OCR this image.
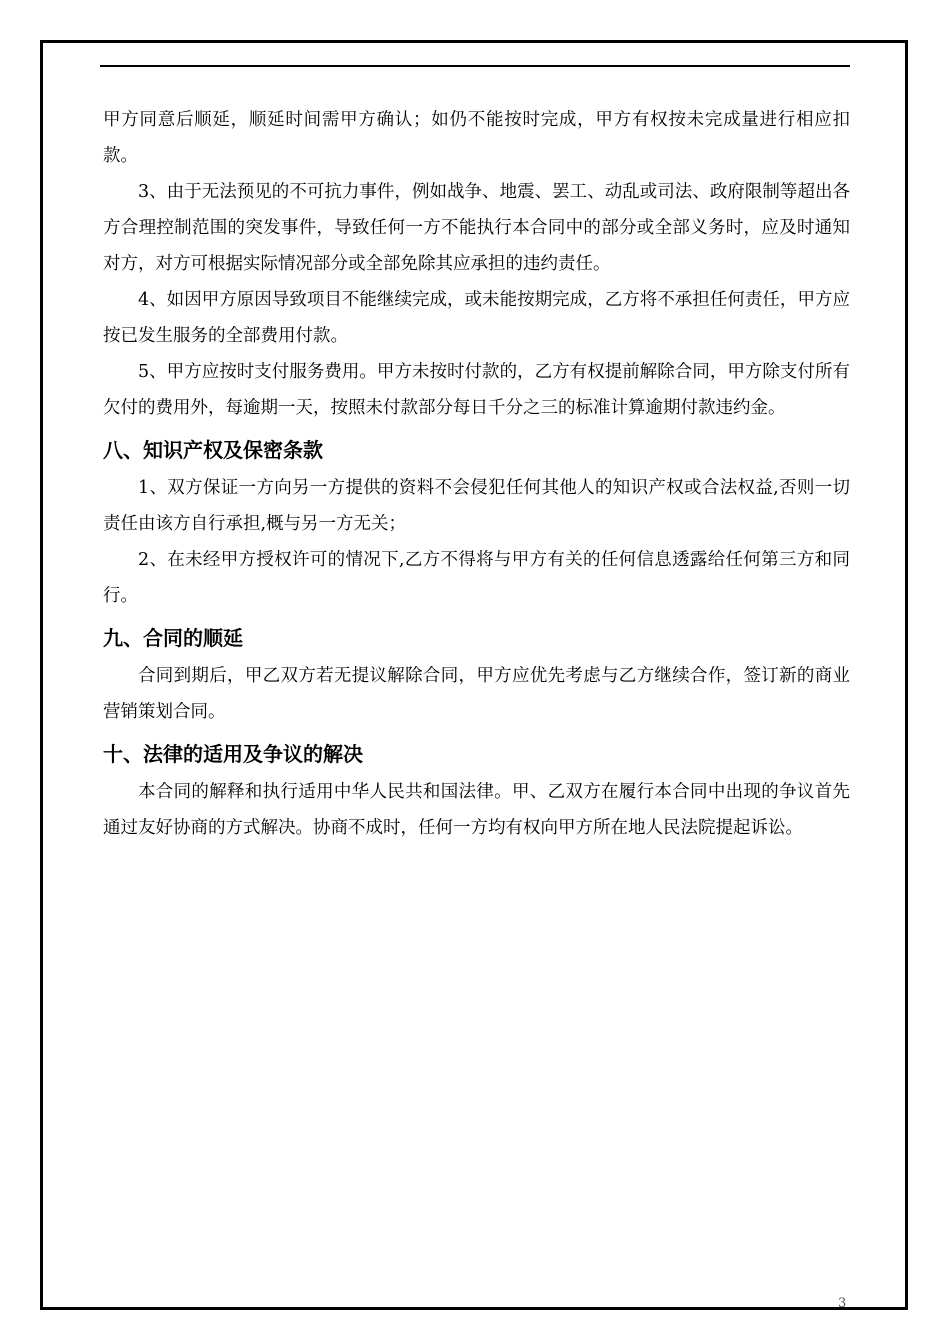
甲方同意后顺延，顺延时间需甲方确认；如仍不能按时完成，甲方有权按未完成量进行相应扣款。

3、由于无法预见的不可抗力事件，例如战争、地震、罢工、动乱或司法、政府限制等超出各方合理控制范围的突发事件，导致任何一方不能执行本合同中的部分或全部义务时，应及时通知对方，对方可根据实际情况部分或全部免除其应承担的违约责任。

4、如因甲方原因导致项目不能继续完成，或未能按期完成，乙方将不承担任何责任，甲方应按已发生服务的全部费用付款。

5、甲方应按时支付服务费用。甲方未按时付款的，乙方有权提前解除合同，甲方除支付所有欠付的费用外，每逾期一天，按照未付款部分每日千分之三的标准计算逾期付款违约金。

八、知识产权及保密条款

1、双方保证一方向另一方提供的资料不会侵犯任何其他人的知识产权或合法权益,否则一切责任由该方自行承担,概与另一方无关；

2、在未经甲方授权许可的情况下,乙方不得将与甲方有关的任何信息透露给任何第三方和同行。

九、合同的顺延

合同到期后，甲乙双方若无提议解除合同，甲方应优先考虑与乙方继续合作，签订新的商业营销策划合同。

十、法律的适用及争议的解决

本合同的解释和执行适用中华人民共和国法律。甲、乙双方在履行本合同中出现的争议首先通过友好协商的方式解决。协商不成时，任何一方均有权向甲方所在地人民法院提起诉讼。

3
